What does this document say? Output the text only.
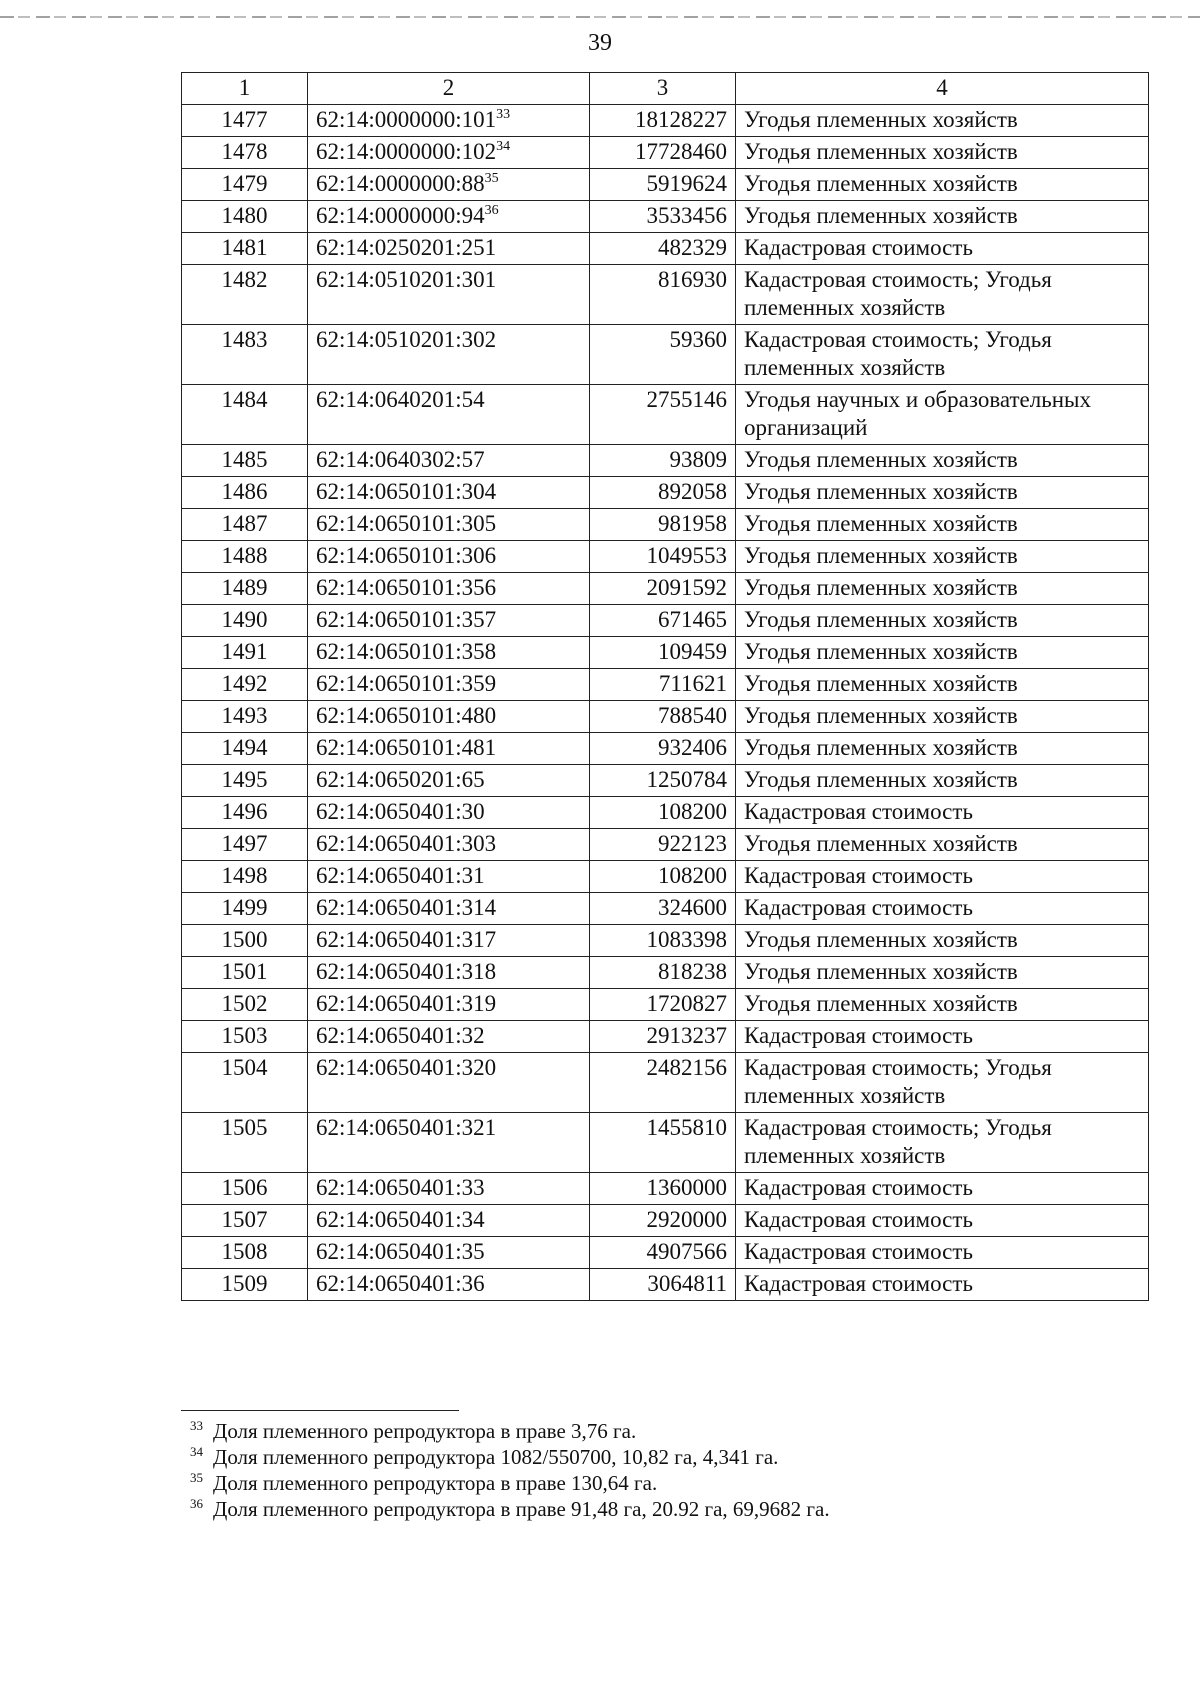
39
1	2	3	4
1477	$62:14:0000000:101^{33}$	18128227	Угодья племенных хозяйств
1478	$62:14:0000000:102^{34}$	17728460	Угодья племенных хозяйств
1479	$62:14:0000000:88^{35}$	5919624	Угодья племенных хозяйств
1480	$62:14:0000000:94^{36}$	3533456	Угодья племенных хозяйств
1481	62:14:0250201:251	482329	Кадастровая стоимость
1482	62:14:0510201:301	816930	Кадастровая стоимость; Угодья племенных хозяйств
1483	62:14:0510201:302	59360	Кадастровая стоимость; Угодья племенных хозяйств
1484	62:14:0640201:54	2755146	Угодья научных и образовательных организаций
1485	62:14:0640302:57	93809	Угодья племенных хозяйств
1486	62:14:0650101:304	892058	Угодья племенных хозяйств
1487	62:14:0650101:305	981958	Угодья племенных хозяйств
1488	62:14:0650101:306	1049553	Угодья племенных хозяйств
1489	62:14:0650101:356	2091592	Угодья племенных хозяйств
1490	62:14:0650101:357	671465	Угодья племенных хозяйств
1491	62:14:0650101:358	109459	Угодья племенных хозяйств
1492	62:14:0650101:359	711621	Угодья племенных хозяйств
1493	62:14:0650101:480	788540	Угодья племенных хозяйств
1494	62:14:0650101:481	932406	Угодья племенных хозяйств
1495	62:14:0650201:65	1250784	Угодья племенных хозяйств
1496	62:14:0650401:30	108200	Кадастровая стоимость
1497	62:14:0650401:303	922123	Угодья племенных хозяйств
1498	62:14:0650401:31	108200	Кадастровая стоимость
1499	62:14:0650401:314	324600	Кадастровая стоимость
1500	62:14:0650401:317	1083398	Угодья племенных хозяйств
1501	62:14:0650401:318	818238	Угодья племенных хозяйств
1502	62:14:0650401:319	1720827	Угодья племенных хозяйств
1503	62:14:0650401:32	2913237	Кадастровая стоимость
1504	62:14:0650401:320	2482156	Кадастровая стоимость; Угодья племенных хозяйств
1505	62:14:0650401:321	1455810	Кадастровая стоимость; Угодья племенных хозяйств
1506	62:14:0650401:33	1360000	Кадастровая стоимость
1507	62:14:0650401:34	2920000	Кадастровая стоимость
1508	62:14:0650401:35	4907566	Кадастровая стоимость
1509	62:14:0650401:36	3064811	Кадастровая стоимость
$^{33}$ Доля племенного репродуктора в праве 3,76 га.
$^{34}$ Доля племенного репродуктора 1082/550700, 10,82 га, 4,341 га.
$^{35}$ Доля племенного репродуктора в праве 130,64 га.
$^{36}$ Доля племенного репродуктора в праве 91,48 га, 20.92 га, 69,9682 га.
